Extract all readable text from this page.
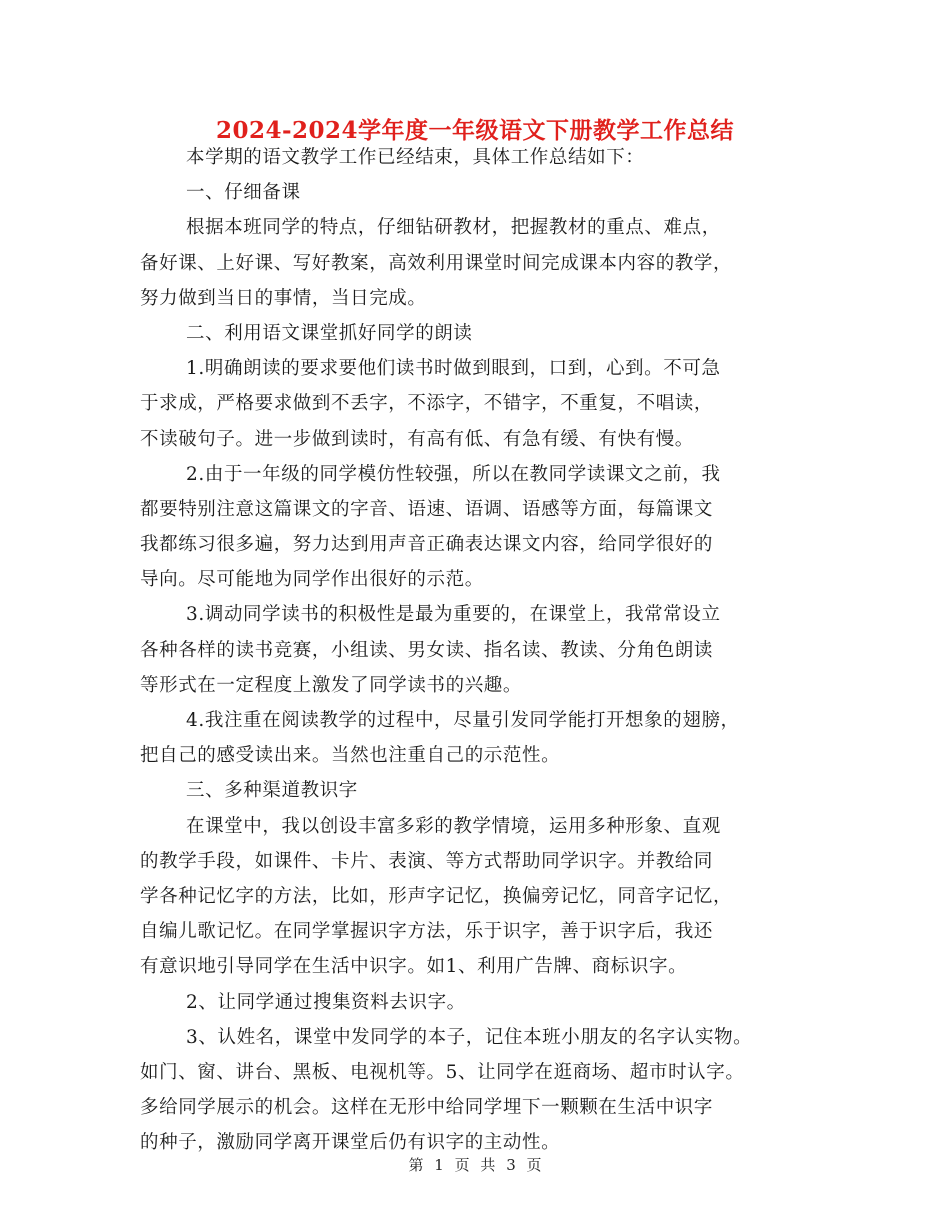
2024-2024学年度一年级语文下册教学工作总结
本学期的语文教学工作已经结束，具体工作总结如下：
一、仔细备课
根据本班同学的特点，仔细钻研教材，把握教材的重点、难点，
备好课、上好课、写好教案，高效利用课堂时间完成课本内容的教学，
努力做到当日的事情，当日完成。
二、利用语文课堂抓好同学的朗读
1.明确朗读的要求要他们读书时做到眼到，口到，心到。不可急
于求成，严格要求做到不丢字，不添字，不错字，不重复，不唱读，
不读破句子。进一步做到读时，有高有低、有急有缓、有快有慢。
2.由于一年级的同学模仿性较强，所以在教同学读课文之前，我
都要特别注意这篇课文的字音、语速、语调、语感等方面，每篇课文
我都练习很多遍，努力达到用声音正确表达课文内容，给同学很好的
导向。尽可能地为同学作出很好的示范。
3.调动同学读书的积极性是最为重要的，在课堂上，我常常设立
各种各样的读书竞赛，小组读、男女读、指名读、教读、分角色朗读
等形式在一定程度上激发了同学读书的兴趣。
4.我注重在阅读教学的过程中，尽量引发同学能打开想象的翅膀，
把自己的感受读出来。当然也注重自己的示范性。
三、多种渠道教识字
在课堂中，我以创设丰富多彩的教学情境，运用多种形象、直观
的教学手段，如课件、卡片、表演、等方式帮助同学识字。并教给同
学各种记忆字的方法，比如，形声字记忆，换偏旁记忆，同音字记忆，
自编儿歌记忆。在同学掌握识字方法，乐于识字，善于识字后，我还
有意识地引导同学在生活中识字。如1、利用广告牌、商标识字。
2、让同学通过搜集资料去识字。
3、认姓名，课堂中发同学的本子，记住本班小朋友的名字认实物。
如门、窗、讲台、黑板、电视机等。5、让同学在逛商场、超市时认字。
多给同学展示的机会。这样在无形中给同学埋下一颗颗在生活中识字
的种子，激励同学离开课堂后仍有识字的主动性。
第 1 页 共 3 页
